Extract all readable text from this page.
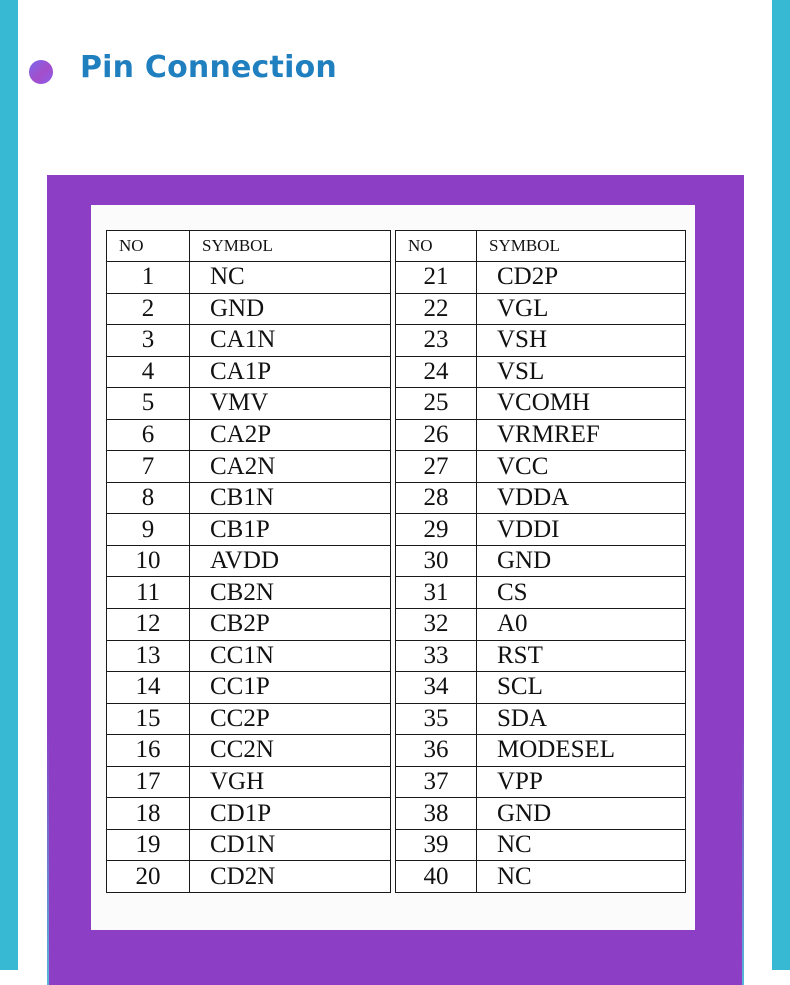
Pin Connection
NO	SYMBOL
1	NC
2	GND
3	CA1N
4	CA1P
5	VMV
6	CA2P
7	CA2N
8	CB1N
9	CB1P
10	AVDD
11	CB2N
12	CB2P
13	CC1N
14	CC1P
15	CC2P
16	CC2N
17	VGH
18	CD1P
19	CD1N
20	CD2N
NO	SYMBOL
21	CD2P
22	VGL
23	VSH
24	VSL
25	VCOMH
26	VRMREF
27	VCC
28	VDDA
29	VDDI
30	GND
31	CS
32	A0
33	RST
34	SCL
35	SDA
36	MODESEL
37	VPP
38	GND
39	NC
40	NC
